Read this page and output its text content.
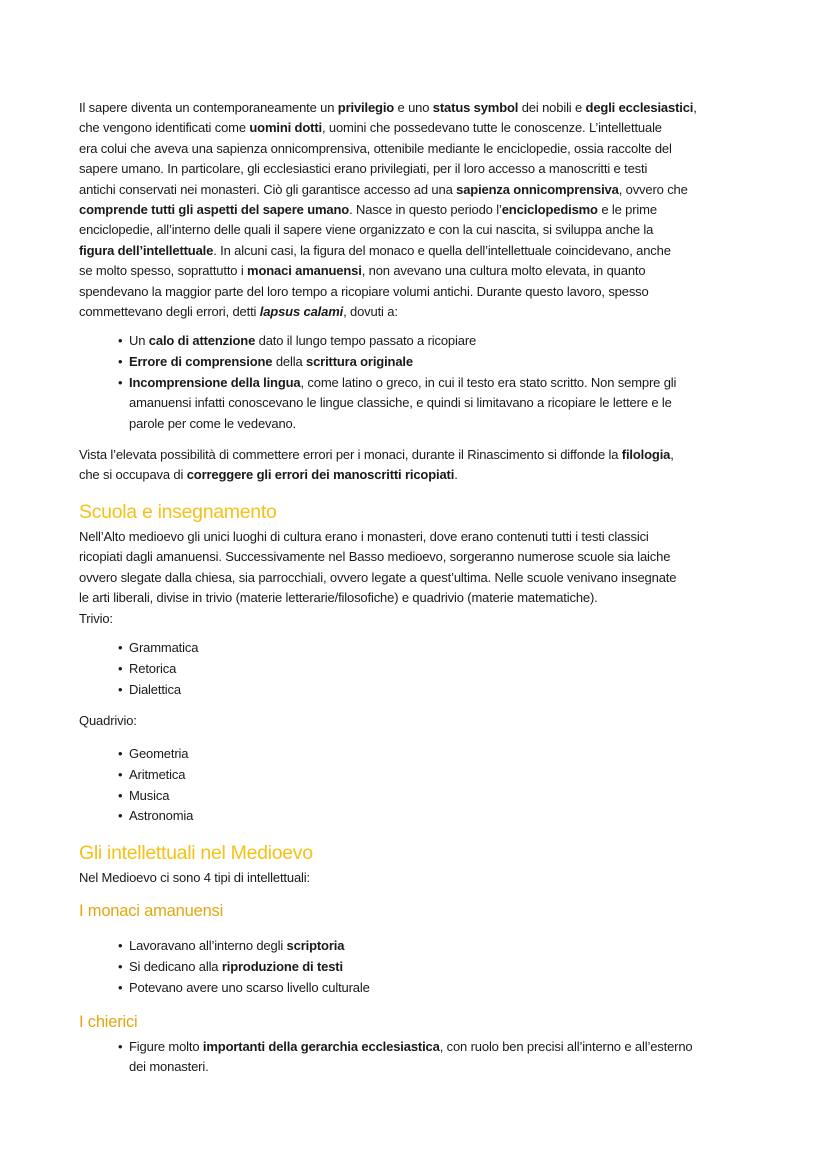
Il sapere diventa un contemporaneamente un privilegio e uno status symbol dei nobili e degli ecclesiastici,
che vengono identificati come uomini dotti, uomini che possedevano tutte le conoscenze. L’intellettuale
era colui che aveva una sapienza onnicomprensiva, ottenibile mediante le enciclopedie, ossia raccolte del
sapere umano. In particolare, gli ecclesiastici erano privilegiati, per il loro accesso a manoscritti e testi
antichi conservati nei monasteri. Ciò gli garantisce accesso ad una sapienza onnicomprensiva, ovvero che
comprende tutti gli aspetti del sapere umano. Nasce in questo periodo l’enciclopedismo e le prime
enciclopedie, all’interno delle quali il sapere viene organizzato e con la cui nascita, si sviluppa anche la
figura dell’intellettuale. In alcuni casi, la figura del monaco e quella dell’intellettuale coincidevano, anche
se molto spesso, soprattutto i monaci amanuensi, non avevano una cultura molto elevata, in quanto
spendevano la maggior parte del loro tempo a ricopiare volumi antichi. Durante questo lavoro, spesso
commettevano degli errori, detti lapsus calami, dovuti a:
• Un calo di attenzione dato il lungo tempo passato a ricopiare
• Errore di comprensione della scrittura originale
• Incomprensione della lingua, come latino o greco, in cui il testo era stato scritto. Non sempre gli
amanuensi infatti conoscevano le lingue classiche, e quindi si limitavano a ricopiare le lettere e le
parole per come le vedevano.
Vista l’elevata possibilità di commettere errori per i monaci, durante il Rinascimento si diffonde la filologia,
che si occupava di correggere gli errori dei manoscritti ricopiati.
Scuola e insegnamento
Nell’Alto medioevo gli unici luoghi di cultura erano i monasteri, dove erano contenuti tutti i testi classici
ricopiati dagli amanuensi. Successivamente nel Basso medioevo, sorgeranno numerose scuole sia laiche
ovvero slegate dalla chiesa, sia parrocchiali, ovvero legate a quest’ultima. Nelle scuole venivano insegnate
le arti liberali, divise in trivio (materie letterarie/filosofiche) e quadrivio (materie matematiche).
Trivio:
• Grammatica
• Retorica
• Dialettica
Quadrivio:
• Geometria
• Aritmetica
• Musica
• Astronomia
Gli intellettuali nel Medioevo
Nel Medioevo ci sono 4 tipi di intellettuali:
I monaci amanuensi
• Lavoravano all’interno degli scriptoria
• Si dedicano alla riproduzione di testi
• Potevano avere uno scarso livello culturale
I chierici
• Figure molto importanti della gerarchia ecclesiastica, con ruolo ben precisi all’interno e all’esterno
dei monasteri.
